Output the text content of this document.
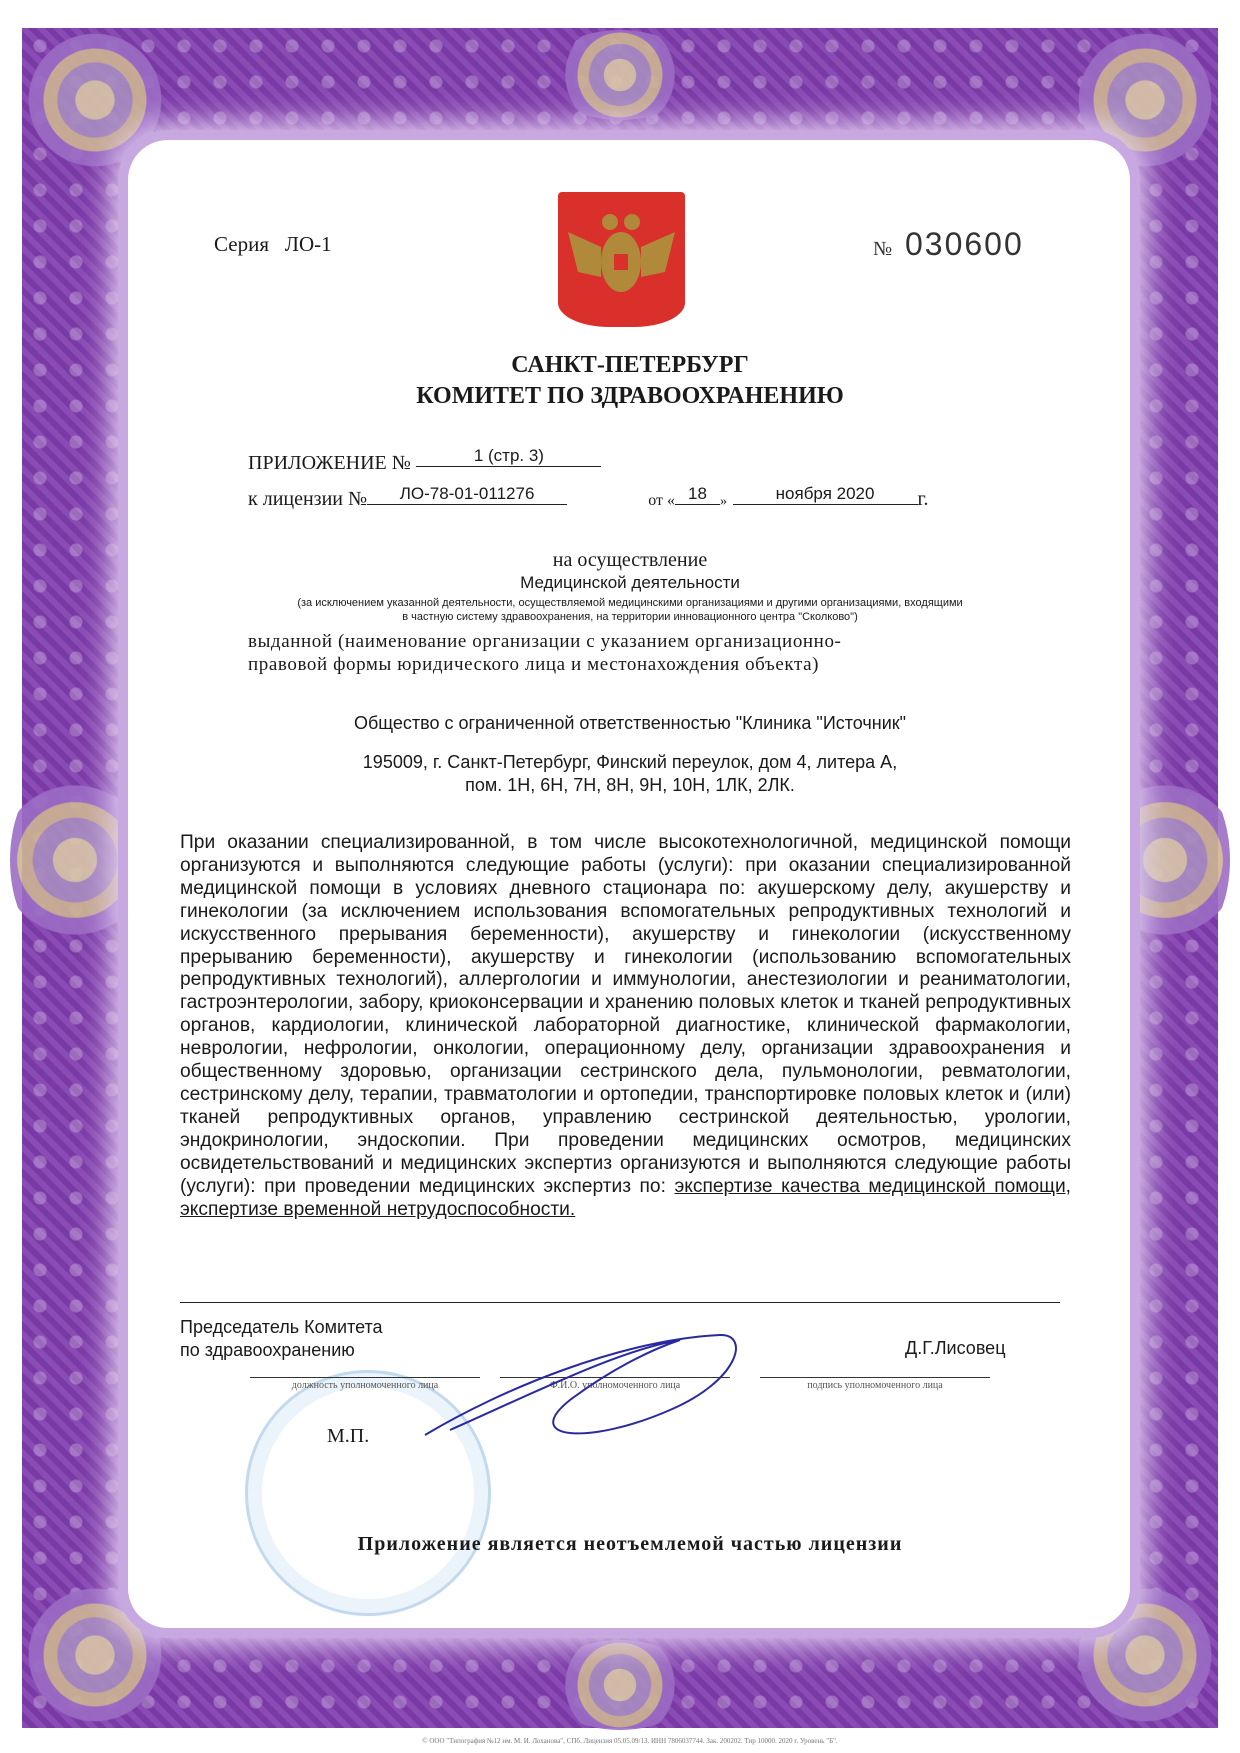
Серия ЛО-1	№ 030600
САНКТ-ПЕТЕРБУРГ
КОМИТЕТ ПО ЗДРАВООХРАНЕНИЮ
ПРИЛОЖЕНИЕ №	1 (стр. 3)
к лицензии № ЛО-78-01-011276	от « 18 »	ноября 2020 г.
на осуществление
Медицинской деятельности
(за исключением указанной деятельности, осуществляемой медицинскими организациями и другими организациями, входящими
в частную систему здравоохранения, на территории инновационного центра "Сколково")
выданной (наименование организации с указанием организационно-
правовой формы юридического лица и местонахождения объекта)
Общество с ограниченной ответственностью "Клиника "Источник"
195009, г. Санкт-Петербург, Финский переулок, дом 4, литера А,
пом. 1Н, 6Н, 7Н, 8Н, 9Н, 10Н, 1ЛК, 2ЛК.
При оказании специализированной, в том числе высокотехнологичной, медицинской помощи организуются и выполняются следующие работы (услуги): при оказании специализированной медицинской помощи в условиях дневного стационара по: акушерскому делу, акушерству и гинекологии (за исключением использования вспомогательных репродуктивных технологий и искусственного прерывания беременности), акушерству и гинекологии (искусственному прерыванию беременности), акушерству и гинекологии (использованию вспомогательных репродуктивных технологий), аллергологии и иммунологии, анестезиологии и реаниматологии, гастроэнтерологии, забору, криоконсервации и хранению половых клеток и тканей репродуктивных органов, кардиологии, клинической лабораторной диагностике, клинической фармакологии, неврологии, нефрологии, онкологии, операционному делу, организации здравоохранения и общественному здоровью, организации сестринского дела, пульмонологии, ревматологии, сестринскому делу, терапии, травматологии и ортопедии, транспортировке половых клеток и (или) тканей репродуктивных органов, управлению сестринской деятельностью, урологии, эндокринологии, эндоскопии. При проведении медицинских осмотров, медицинских освидетельствований и медицинских экспертиз организуются и выполняются следующие работы (услуги): при проведении медицинских экспертиз по: экспертизе качества медицинской помощи, экспертизе временной нетрудоспособности.
Председатель Комитета
по здравоохранению	Д.Г.Лисовец
должность уполномоченного лица	Ф.И.О. уполномоченного лица	подпись уполномоченного лица
М.П.
Приложение является неотъемлемой частью лицензии
© ООО "Типография №12 им. М. И. Лоханова", СПб. Лицензия 05.05.09/13. ИНН 7806037744. Зак. 200202. Тир 10000. 2020 г. Уровень "Б".
